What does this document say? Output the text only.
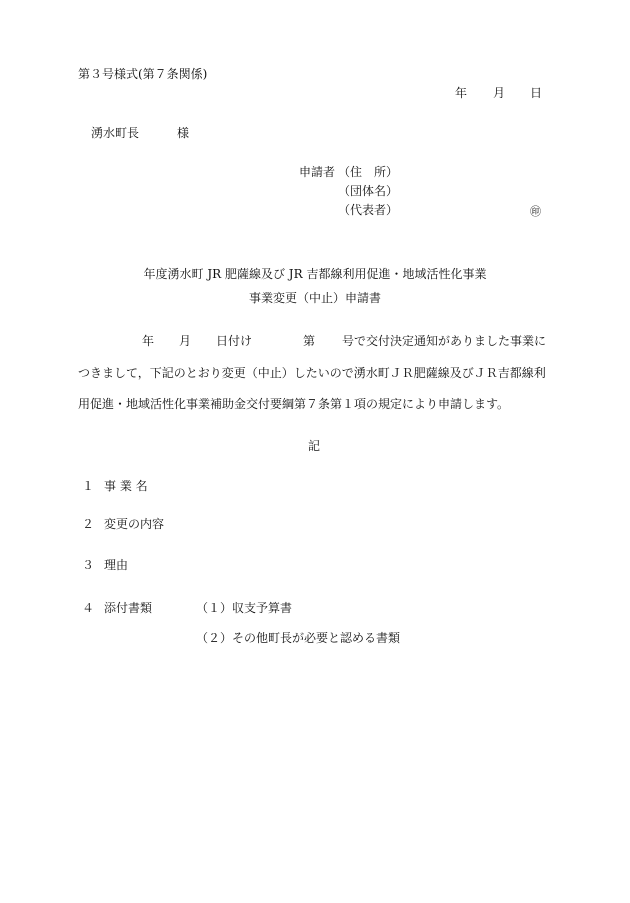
第３号様式(第７条関係)
年 月 日
湧水町長	様
申請者 （住　所）
（団体名）
（代表者）	㊞
年度湧水町 JR 肥薩線及び JR 吉都線利用促進・地域活性化事業
事業変更（中止）申請書
年 月 日付け	第 号で交付決定通知がありました事業に
つきまして，下記のとおり変更（中止）したいので湧水町ＪＲ肥薩線及びＪＲ吉都線利
用促進・地域活性化事業補助金交付要綱第７条第１項の規定により申請します。
記
１ 事 業 名
２ 変更の内容
３ 理由
４ 添付書類	（１）収支予算書
（２）その他町長が必要と認める書類
